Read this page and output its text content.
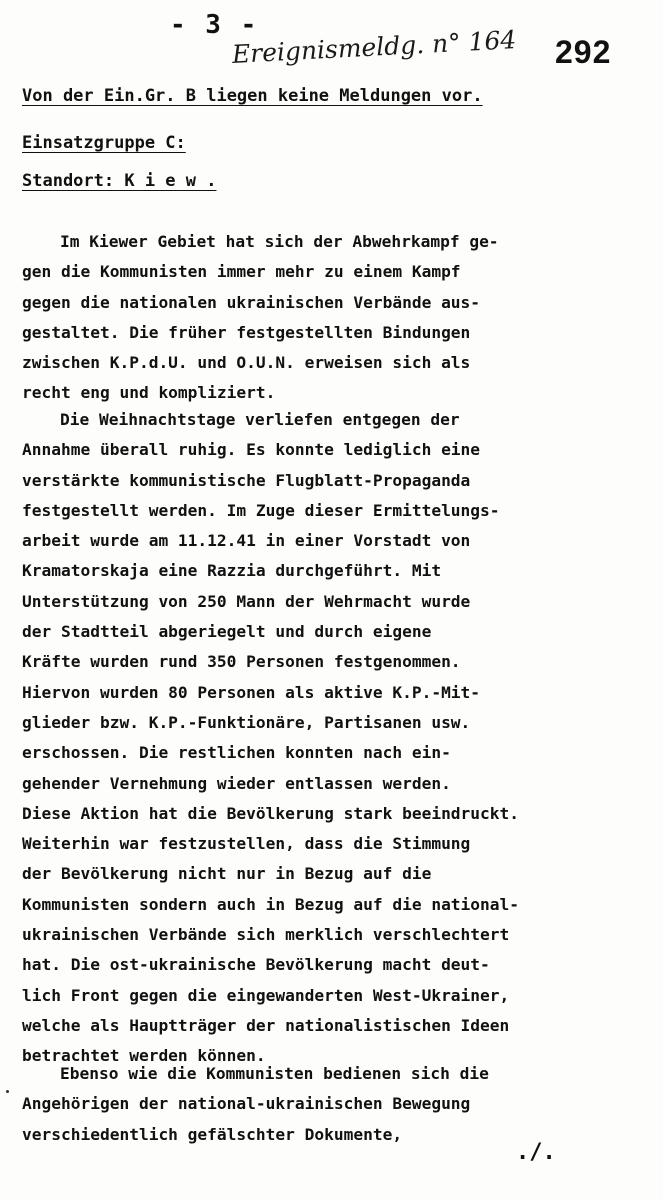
- 3 -
Ereignismeldg. n° 164 292
Von der Ein.Gr. B liegen keine Meldungen vor.
Einsatzgruppe C:
Standort: K i e w .
Im Kiewer Gebiet hat sich der Abwehrkampf ge-
gen die Kommunisten immer mehr zu einem Kampf
gegen die nationalen ukrainischen Verbände aus-
gestaltet. Die früher festgestellten Bindungen
zwischen K.P.d.U. und O.U.N. erweisen sich als
recht eng und kompliziert.
Die Weihnachtstage verliefen entgegen der
Annahme überall ruhig. Es konnte lediglich eine
verstärkte kommunistische Flugblatt-Propaganda
festgestellt werden. Im Zuge dieser Ermittelungs-
arbeit wurde am 11.12.41 in einer Vorstadt von
Kramatorskaja eine Razzia durchgeführt. Mit
Unterstützung von 250 Mann der Wehrmacht wurde
der Stadtteil abgeriegelt und durch eigene
Kräfte wurden rund 350 Personen festgenommen.
Hiervon wurden 80 Personen als aktive K.P.-Mit-
glieder bzw. K.P.-Funktionäre, Partisanen usw.
erschossen. Die restlichen konnten nach ein-
gehender Vernehmung wieder entlassen werden.
Diese Aktion hat die Bevölkerung stark beeindruckt.
Weiterhin war festzustellen, dass die Stimmung
der Bevölkerung nicht nur in Bezug auf die
Kommunisten sondern auch in Bezug auf die national-
ukrainischen Verbände sich merklich verschlechtert
hat. Die ost-ukrainische Bevölkerung macht deut-
lich Front gegen die eingewanderten West-Ukrainer,
welche als Hauptträger der nationalistischen Ideen
betrachtet werden können.
Ebenso wie die Kommunisten bedienen sich die
Angehörigen der national-ukrainischen Bewegung
verschiedentlich gefälschter Dokumente,
./.
